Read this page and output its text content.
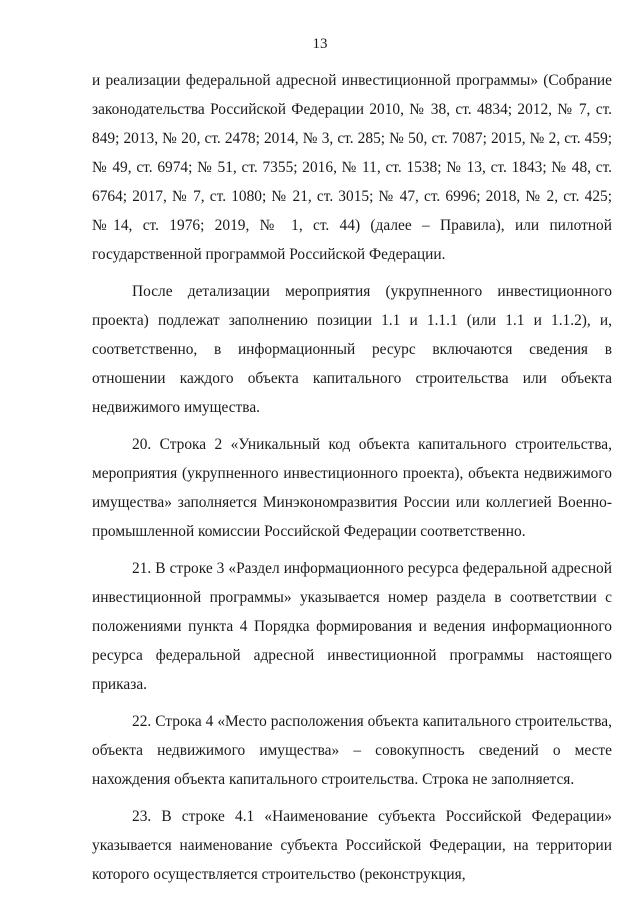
13

и реализации федеральной адресной инвестиционной программы» (Собрание законодательства Российской Федерации 2010, № 38, ст. 4834; 2012, № 7, ст. 849; 2013, № 20, ст. 2478; 2014, № 3, ст. 285; № 50, ст. 7087; 2015, № 2, ст. 459; № 49, ст. 6974; № 51, ст. 7355; 2016, № 11, ст. 1538; № 13, ст. 1843; № 48, ст. 6764; 2017, № 7, ст. 1080; № 21, ст. 3015; № 47, ст. 6996; 2018, № 2, ст. 425; №14, ст. 1976; 2019, № 1, ст. 44) (далее – Правила), или пилотной государственной программой Российской Федерации.

После детализации мероприятия (укрупненного инвестиционного проекта) подлежат заполнению позиции 1.1 и 1.1.1 (или 1.1 и 1.1.2), и, соответственно, в информационный ресурс включаются сведения в отношении каждого объекта капитального строительства или объекта недвижимого имущества.

20. Строка 2 «Уникальный код объекта капитального строительства, мероприятия (укрупненного инвестиционного проекта), объекта недвижимого имущества» заполняется Минэкономразвития России или коллегией Военно-промышленной комиссии Российской Федерации соответственно.

21. В строке 3 «Раздел информационного ресурса федеральной адресной инвестиционной программы» указывается номер раздела в соответствии с положениями пункта 4 Порядка формирования и ведения информационного ресурса федеральной адресной инвестиционной программы настоящего приказа.

22. Строка 4 «Место расположения объекта капитального строительства, объекта недвижимого имущества» – совокупность сведений о месте нахождения объекта капитального строительства. Строка не заполняется.

23. В строке 4.1 «Наименование субъекта Российской Федерации» указывается наименование субъекта Российской Федерации, на территории которого осуществляется строительство (реконструкция,
